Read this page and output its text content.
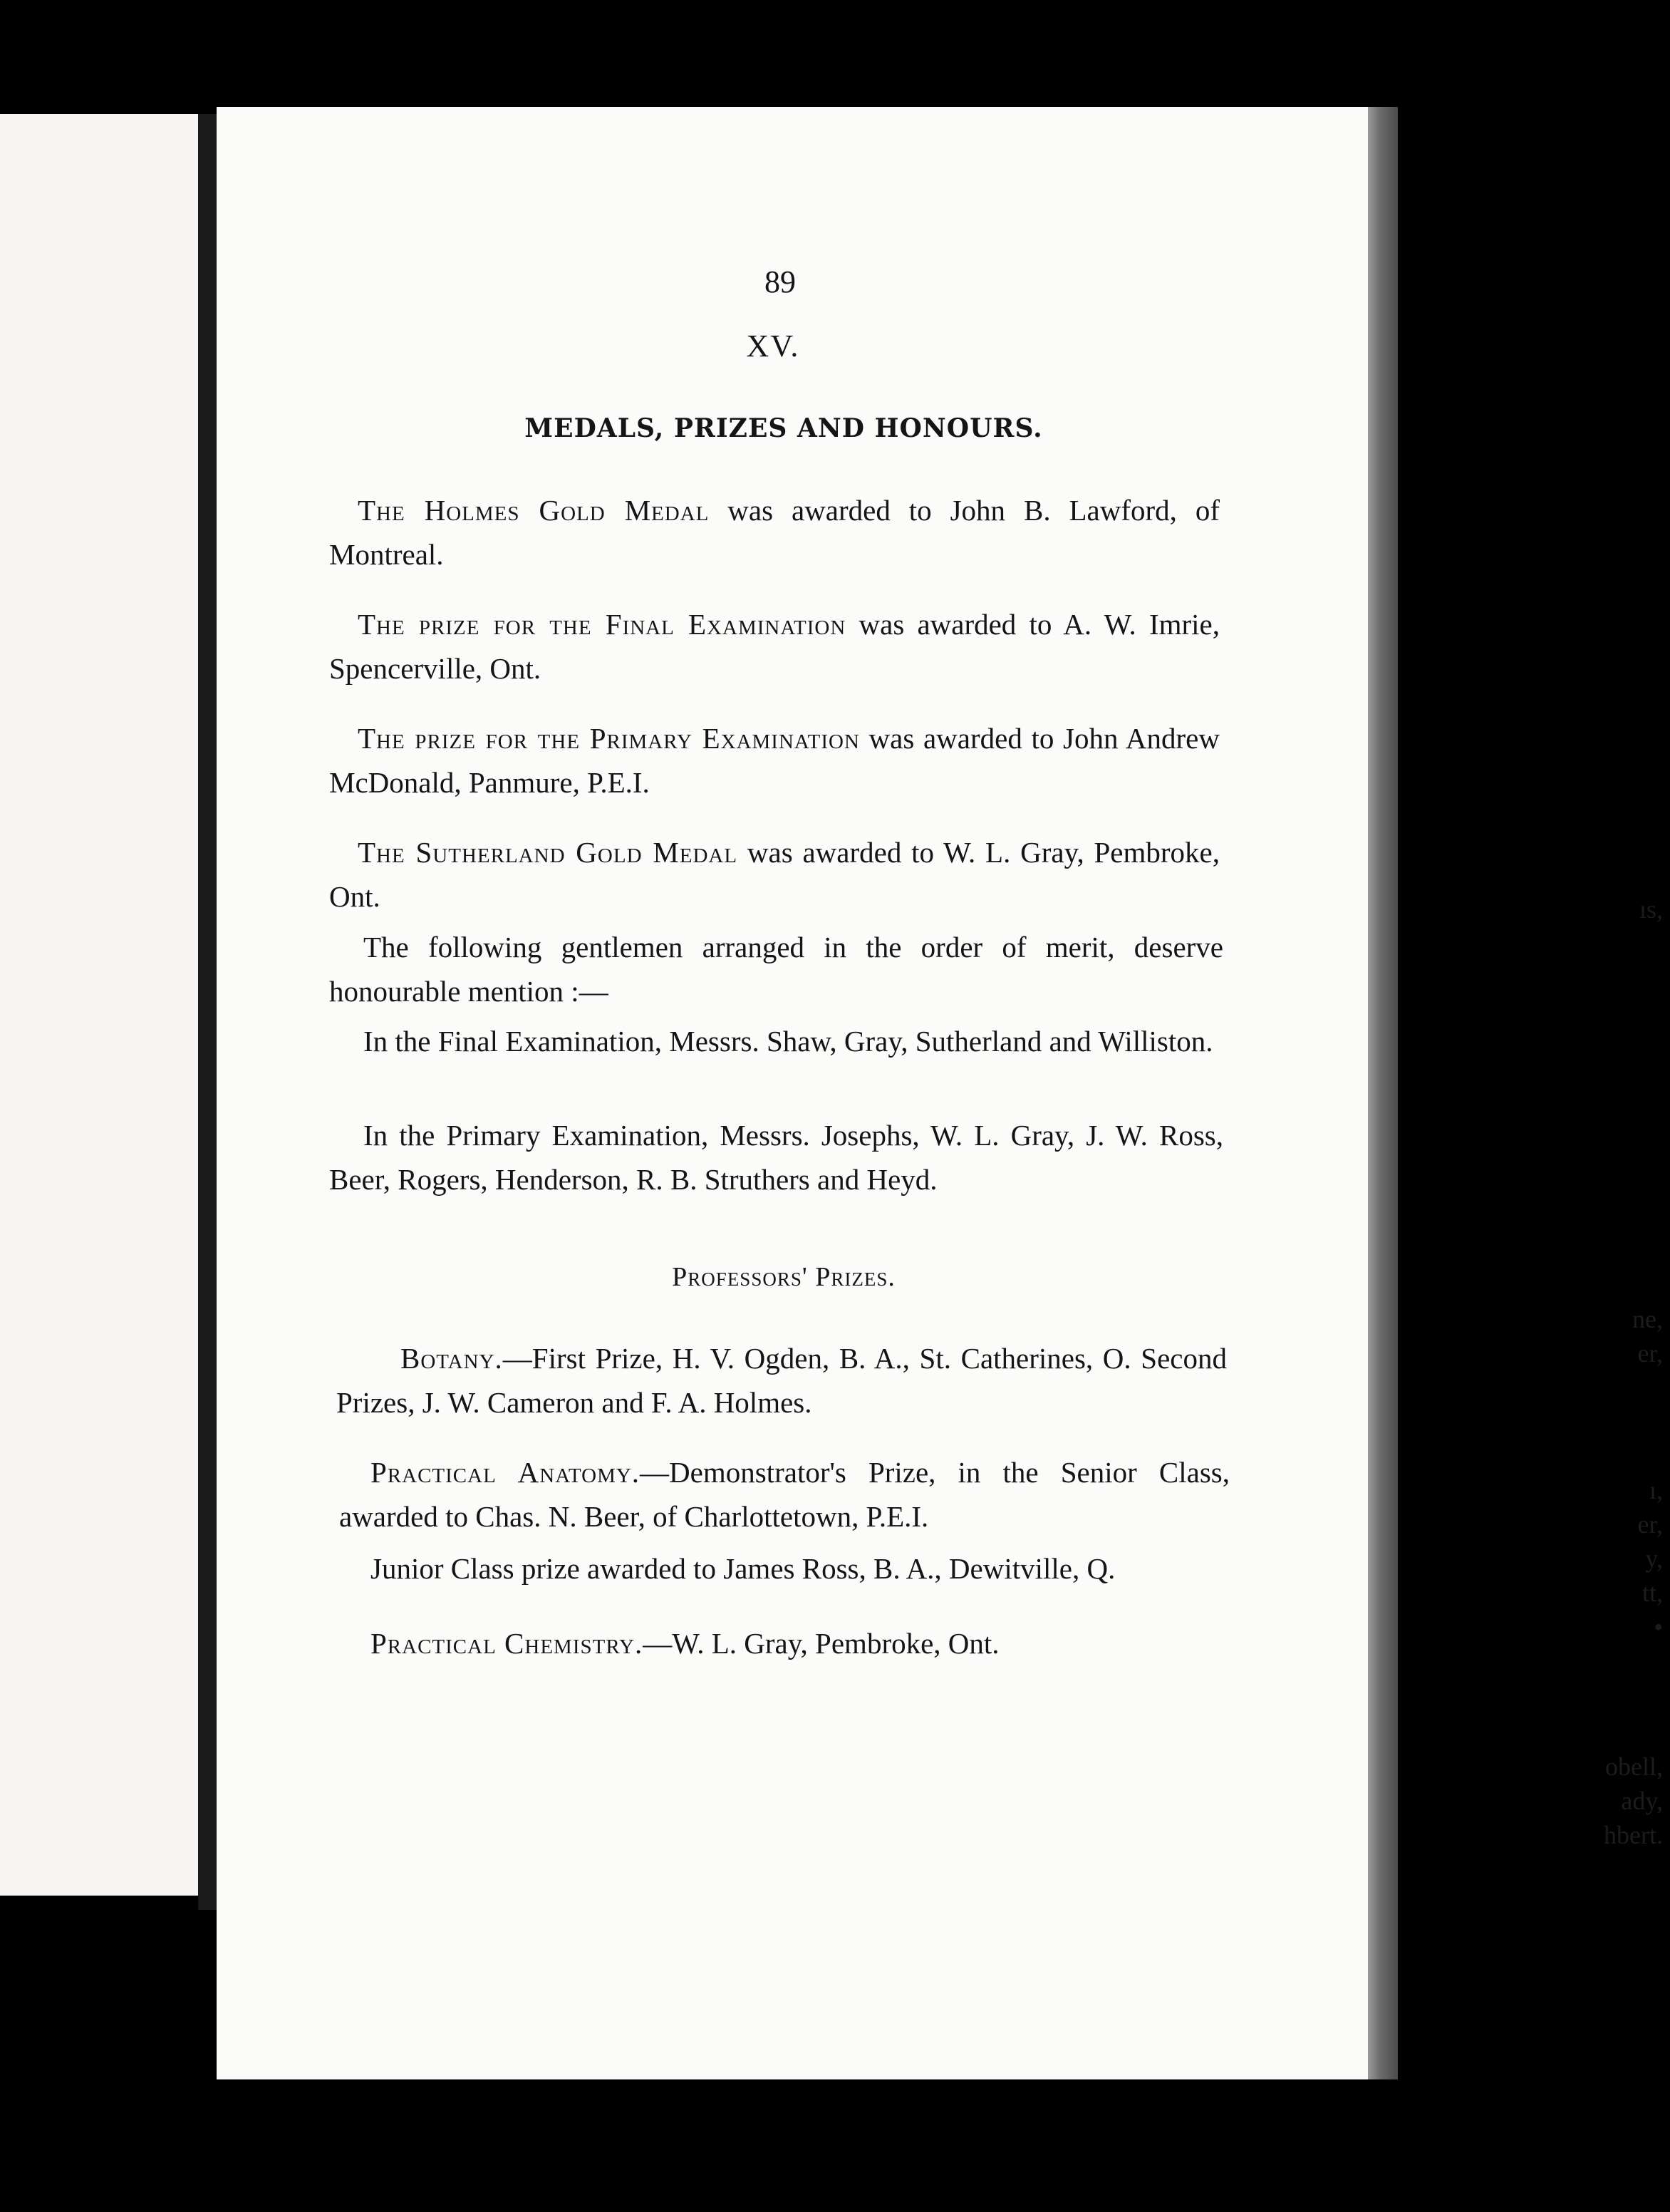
ıs,
ne,
er,
ı,
er,
y,
tt,
•
obell,
ady,
hbert.
89
XV.
MEDALS, PRIZES AND HONOURS.

The Holmes Gold Medal was awarded to John B. Lawford, of Montreal.

The prize for the Final Examination was awarded to A. W. Imrie, Spencerville, Ont.

The prize for the Primary Examination was awarded to John Andrew McDonald, Panmure, P.E.I.

The Sutherland Gold Medal was awarded to W. L. Gray, Pembroke, Ont.

The following gentlemen arranged in the order of merit, deserve honourable mention :—

In the Final Examination, Messrs. Shaw, Gray, Sutherland and Williston.

In the Primary Examination, Messrs. Josephs, W. L. Gray, J. W. Ross, Beer, Rogers, Henderson, R. B. Struthers and Heyd.

Professors' Prizes.

Botany.—First Prize, H. V. Ogden, B. A., St. Catherines, O. Second Prizes, J. W. Cameron and F. A. Holmes.

Practical Anatomy.—Demonstrator's Prize, in the Senior Class, awarded to Chas. N. Beer, of Charlottetown, P.E.I.

Junior Class prize awarded to James Ross, B. A., Dewitville, Q.

Practical Chemistry.—W. L. Gray, Pembroke, Ont.
